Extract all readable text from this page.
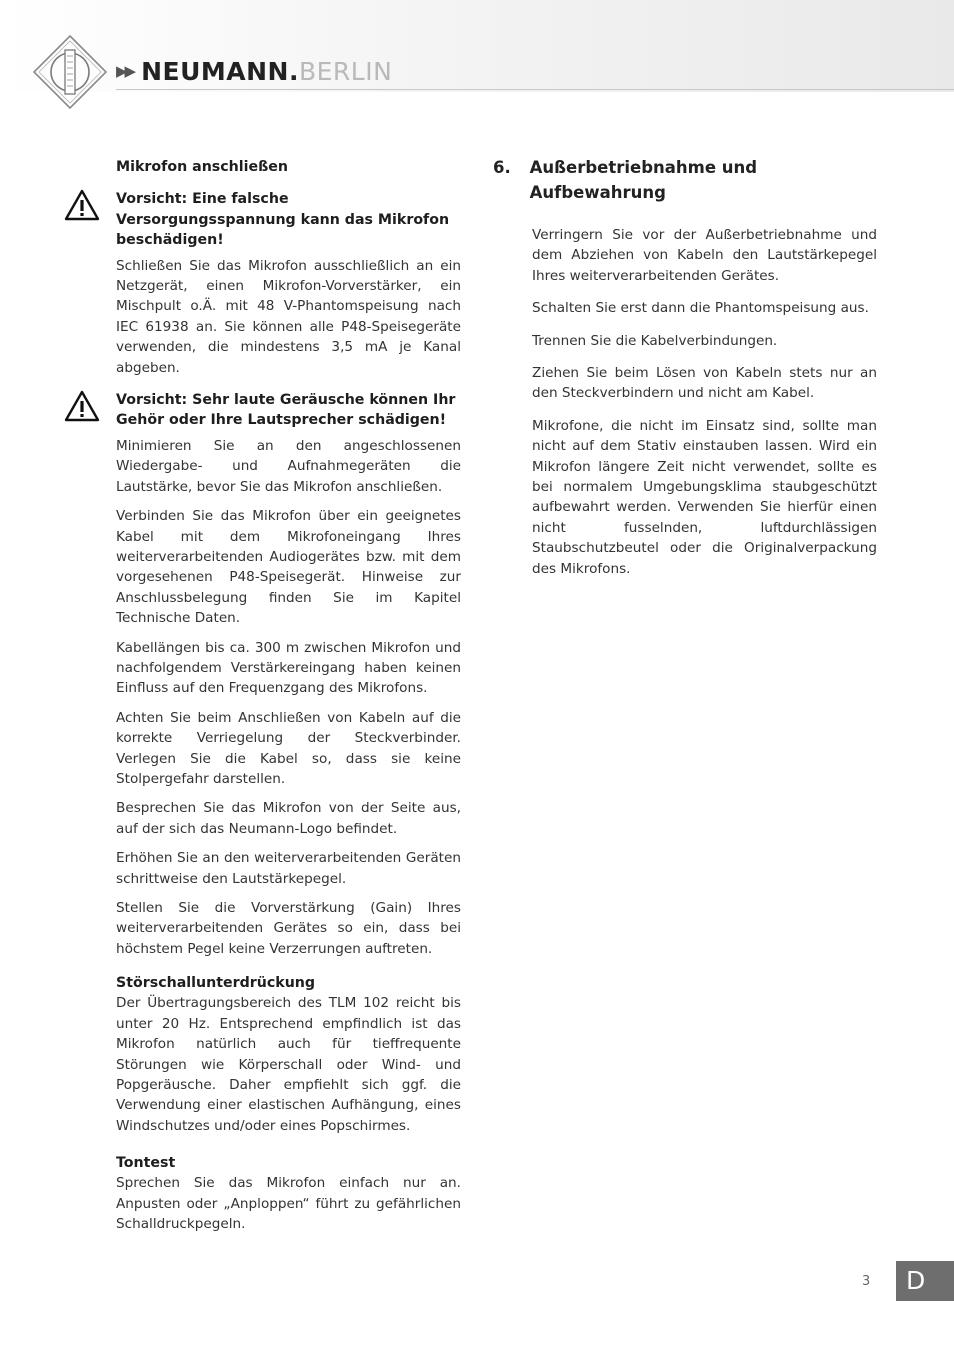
▶▶ NEUMANN. BERLIN
Mikrofon anschließen

Vorsicht: Eine falsche Versorgungsspannung kann das Mikrofon beschädigen!

Schließen Sie das Mikrofon ausschließlich an ein Netzgerät, einen Mikrofon-Vorverstärker, ein Mischpult o.Ä. mit 48 V-Phantomspeisung nach IEC 61938 an. Sie können alle P48-Speisegeräte verwenden, die mindestens 3,5 mA je Kanal abgeben.

Vorsicht: Sehr laute Geräusche können Ihr Gehör oder Ihre Lautsprecher schädigen!

Minimieren Sie an den angeschlossenen Wiedergabe- und Aufnahmegeräten die Lautstärke, bevor Sie das Mikrofon anschließen.

Verbinden Sie das Mikrofon über ein geeignetes Kabel mit dem Mikrofoneingang Ihres weiterverarbeitenden Audiogerätes bzw. mit dem vorgesehenen P48-Speisegerät. Hinweise zur Anschlussbelegung finden Sie im Kapitel Technische Daten.

Kabellängen bis ca. 300 m zwischen Mikrofon und nachfolgendem Verstärkereingang haben keinen Einfluss auf den Frequenzgang des Mikrofons.

Achten Sie beim Anschließen von Kabeln auf die korrekte Verriegelung der Steckverbinder. Verlegen Sie die Kabel so, dass sie keine Stolpergefahr darstellen.

Besprechen Sie das Mikrofon von der Seite aus, auf der sich das Neumann-Logo befindet.

Erhöhen Sie an den weiterverarbeitenden Geräten schrittweise den Lautstärkepegel.

Stellen Sie die Vorverstärkung (Gain) Ihres weiterverarbeitenden Gerätes so ein, dass bei höchstem Pegel keine Verzerrungen auftreten.

Störschallunterdrückung

Der Übertragungsbereich des TLM 102 reicht bis unter 20 Hz. Entsprechend empfindlich ist das Mikrofon natürlich auch für tieffrequente Störungen wie Körperschall oder Wind- und Popgeräusche. Daher empfiehlt sich ggf. die Verwendung einer elastischen Aufhängung, eines Windschutzes und/oder eines Popschirmes.

Tontest

Sprechen Sie das Mikrofon einfach nur an. Anpusten oder „Anploppen“ führt zu gefährlichen Schalldruckpegeln.

6.	Außerbetriebnahme und Aufbewahrung

Verringern Sie vor der Außerbetriebnahme und dem Abziehen von Kabeln den Lautstärkepegel Ihres weiterverarbeitenden Gerätes.

Schalten Sie erst dann die Phantomspeisung aus.

Trennen Sie die Kabelverbindungen.

Ziehen Sie beim Lösen von Kabeln stets nur an den Steckverbindern und nicht am Kabel.

Mikrofone, die nicht im Einsatz sind, sollte man nicht auf dem Stativ einstauben lassen. Wird ein Mikrofon längere Zeit nicht verwendet, sollte es bei normalem Umgebungsklima staubgeschützt aufbewahrt werden. Verwenden Sie hierfür einen nicht fusselnden, luftdurchlässigen Staubschutzbeutel oder die Originalverpackung des Mikrofons.

3	D
